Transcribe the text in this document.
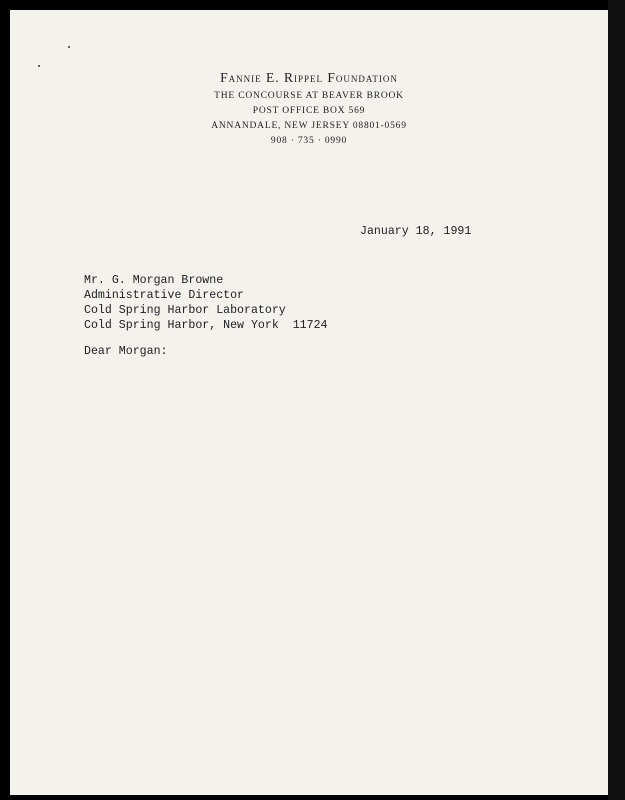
Fannie E. Rippel Foundation
THE CONCOURSE AT BEAVER BROOK
POST OFFICE BOX 569
ANNANDALE, NEW JERSEY 08801-0569
908 · 735 · 0990
January 18, 1991
Mr. G. Morgan Browne
Administrative Director
Cold Spring Harbor Laboratory
Cold Spring Harbor, New York  11724
Dear Morgan:
